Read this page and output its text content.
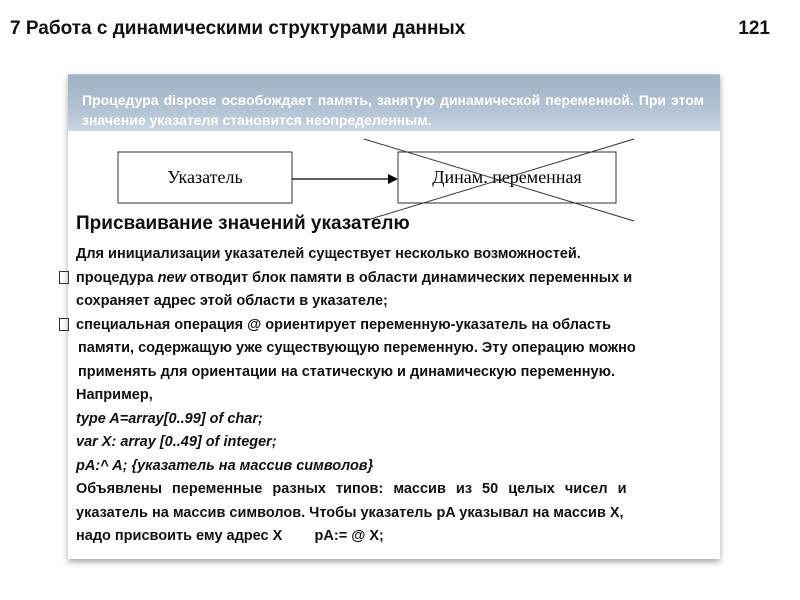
7 Работа с динамическими структурами данных	121
Процедура dispose освобождает память, занятую динамической переменной. При этом значение указателя становится неопределенным.
Указатель	Динам. переменная
Присваивание значений указателю
Для инициализации указателей существует несколько возможностей.
процедура new отводит блок памяти в области динамических переменных и
сохраняет адрес этой области в указателе;
специальная операция @ ориентирует переменную-указатель на область
памяти, содержащую уже существующую переменную. Эту операцию можно
применять для ориентации на статическую и динамическую переменную.
Например,
type A=array[0..99] of char;
var X: array [0..49] of integer;
pA:^ A; {указатель на массив символов}
Объявлены переменные разных типов: массив из 50 целых чисел и
указатель на массив символов. Чтобы указатель pA указывал на массив X,
надо присвоить ему адрес X        pA:= @ X;
